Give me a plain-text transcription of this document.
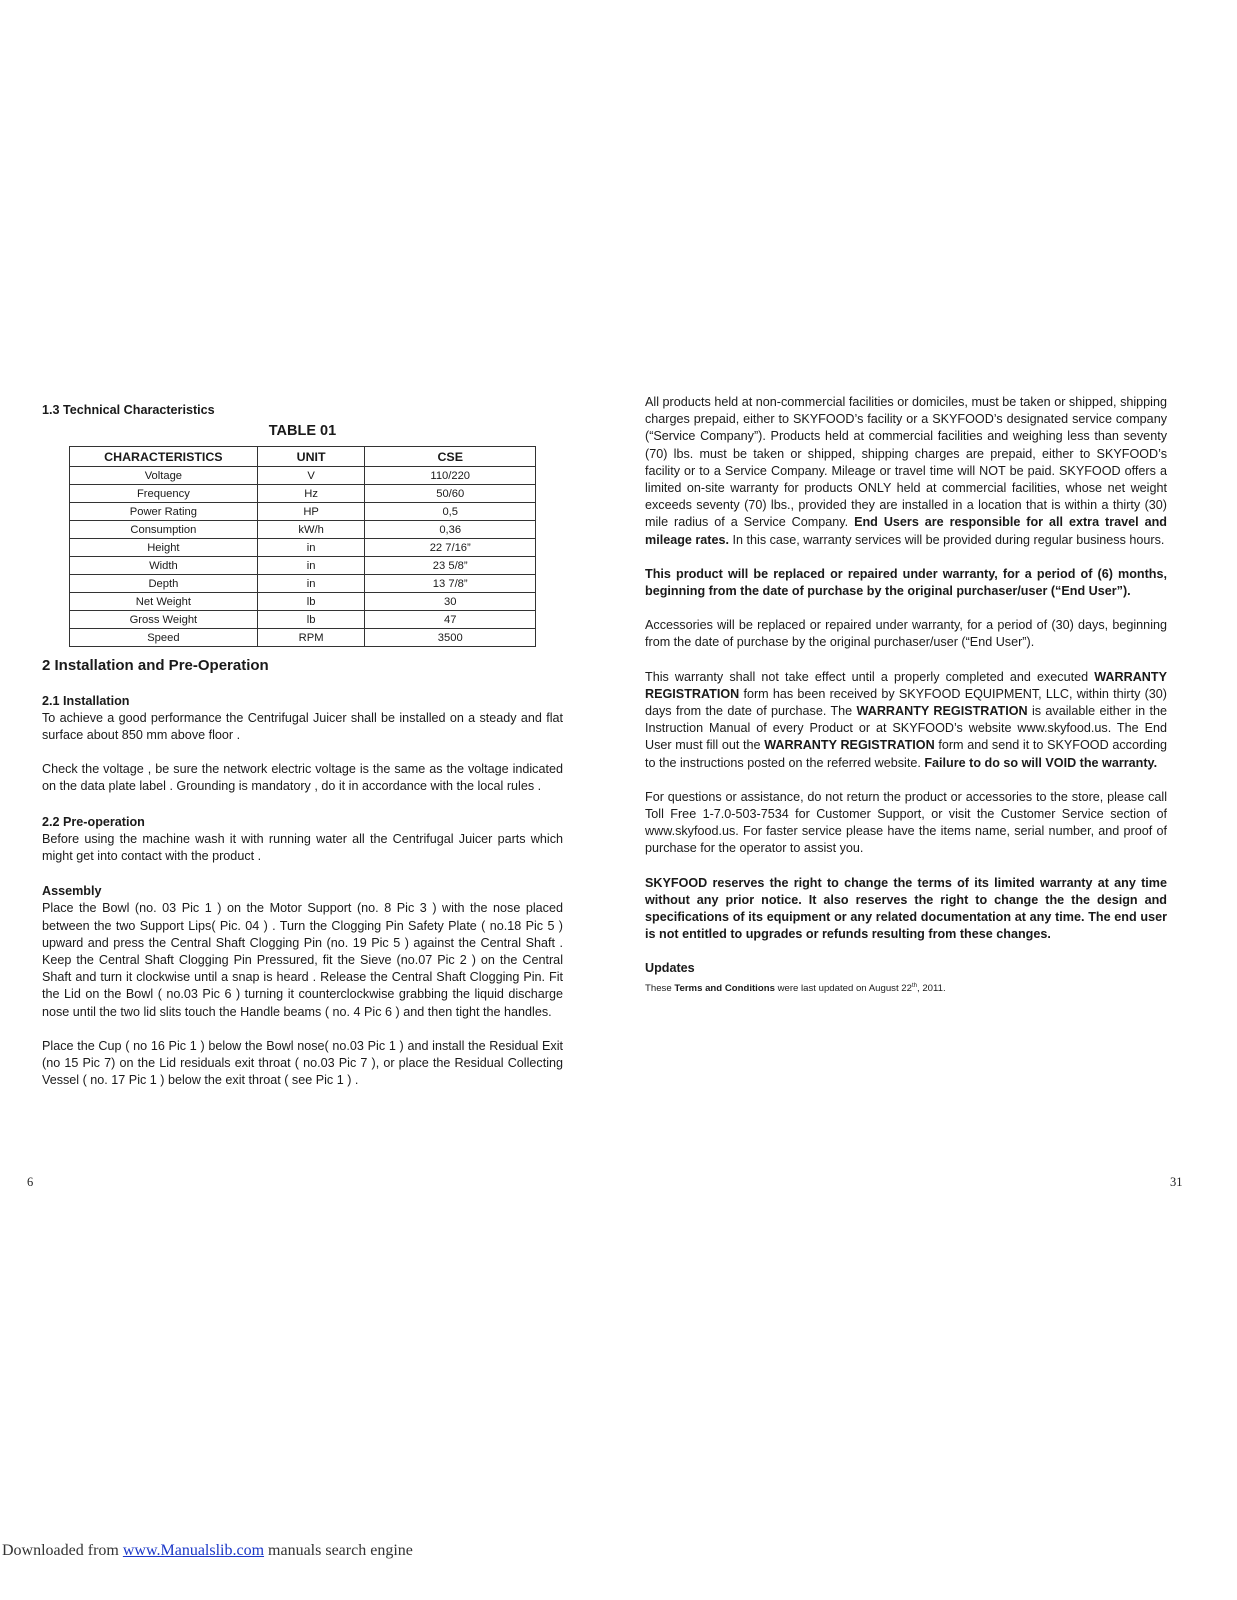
1.3 Technical Characteristics
TABLE 01
CHARACTERISTICS	UNIT	CSE
Voltage	V	110/220
Frequency	Hz	50/60
Power Rating	HP	0,5
Consumption	kW/h	0,36
Height	in	22 7/16”
Width	in	23 5/8”
Depth	in	13 7/8”
Net Weight	lb	30
Gross Weight	lb	47
Speed	RPM	3500
2 Installation and Pre-Operation
2.1 Installation

To achieve a good performance the Centrifugal Juicer shall be installed on a steady and flat surface about 850 mm above floor .

Check the voltage , be sure the network electric voltage is the same as the voltage indicated on the data plate label . Grounding is mandatory , do it in accordance with the local rules .

2.2 Pre-operation

Before using the machine wash it with running water all the Centrifugal Juicer parts which might get into contact with the product .

Assembly

Place the Bowl (no. 03 Pic 1 ) on the Motor Support (no. 8 Pic 3 ) with the nose placed between the two Support Lips( Pic. 04 ) . Turn the Clogging Pin Safety Plate ( no.18 Pic 5 ) upward and press the Central Shaft Clogging Pin (no. 19 Pic 5 ) against the Central Shaft . Keep the Central Shaft Clogging Pin Pressured, fit the Sieve (no.07 Pic 2 ) on the Central Shaft and turn it clockwise until a snap is heard . Release the Central Shaft Clogging Pin. Fit the Lid on the Bowl ( no.03 Pic 6 ) turning it counterclockwise grabbing the liquid discharge nose until the two lid slits touch the Handle beams ( no. 4 Pic 6 ) and then tight the handles.

Place the Cup ( no 16 Pic 1 ) below the Bowl nose( no.03 Pic 1 ) and install the Residual Exit (no 15 Pic 7) on the Lid residuals exit throat ( no.03 Pic 7 ), or place the Residual Collecting Vessel ( no. 17 Pic 1 ) below the exit throat ( see Pic 1 ) .

6

All products held at non-commercial facilities or domiciles, must be taken or shipped, shipping charges prepaid, either to SKYFOOD’s facility or a SKYFOOD’s designated service company (“Service Company”). Products held at commercial facilities and weighing less than seventy (70) lbs. must be taken or shipped, shipping charges are prepaid, either to SKYFOOD’s facility or to a Service Company. Mileage or travel time will NOT be paid. SKYFOOD offers a limited on-site warranty for products ONLY held at commercial facilities, whose net weight exceeds seventy (70) lbs., provided they are installed in a location that is within a thirty (30) mile radius of a Service Company. End Users are responsible for all extra travel and mileage rates. In this case, warranty services will be provided during regular business hours.

This product will be replaced or repaired under warranty, for a period of (6) months, beginning from the date of purchase by the original purchaser/user (“End User”).

Accessories will be replaced or repaired under warranty, for a period of (30) days, beginning from the date of purchase by the original purchaser/user (“End User”).

This warranty shall not take effect until a properly completed and executed WARRANTY REGISTRATION form has been received by SKYFOOD EQUIPMENT, LLC, within thirty (30) days from the date of purchase. The WARRANTY REGISTRATION is available either in the Instruction Manual of every Product or at SKYFOOD’s website www.skyfood.us. The End User must fill out the WARRANTY REGISTRATION form and send it to SKYFOOD according to the instructions posted on the referred website. Failure to do so will VOID the warranty.

For questions or assistance, do not return the product or accessories to the store, please call Toll Free 1-7.0-503-7534 for Customer Support, or visit the Customer Service section of www.skyfood.us. For faster service please have the items name, serial number, and proof of purchase for the operator to assist you.

SKYFOOD reserves the right to change the terms of its limited warranty at any time without any prior notice. It also reserves the right to change the the design and specifications of its equipment or any related documentation at any time. The end user is not entitled to upgrades or refunds resulting from these changes.

Updates
These Terms and Conditions were last updated on August 22th, 2011.
31
Downloaded from www.Manualslib.com manuals search engine
